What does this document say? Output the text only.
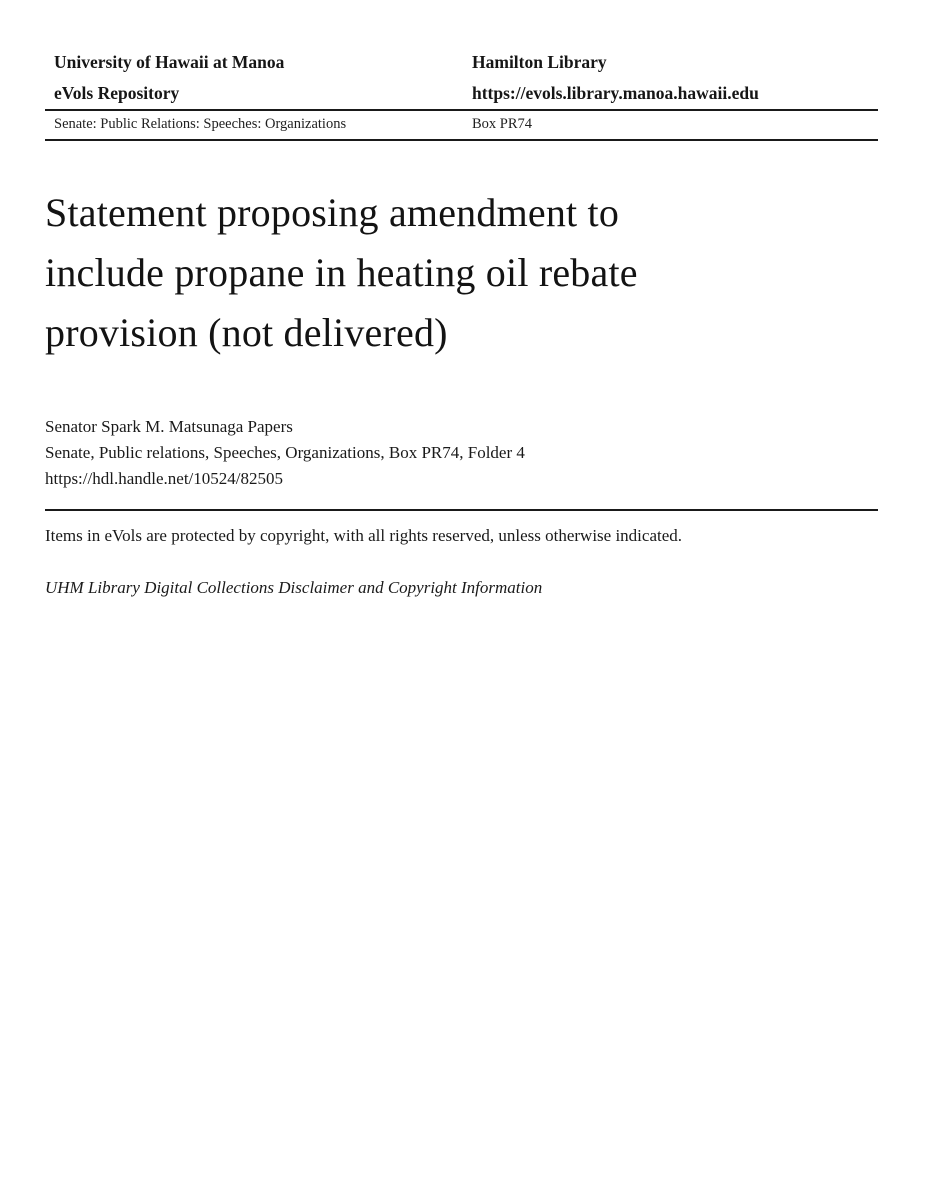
University of Hawaii at Manoa
eVols Repository
Hamilton Library
https://evols.library.manoa.hawaii.edu
Senate: Public Relations: Speeches: Organizations	Box PR74
Statement proposing amendment to
include propane in heating oil rebate
provision (not delivered)
Senator Spark M. Matsunaga Papers
Senate, Public relations, Speeches, Organizations, Box PR74, Folder 4
https://hdl.handle.net/10524/82505

Items in eVols are protected by copyright, with all rights reserved, unless otherwise indicated.

UHM Library Digital Collections Disclaimer and Copyright Information
